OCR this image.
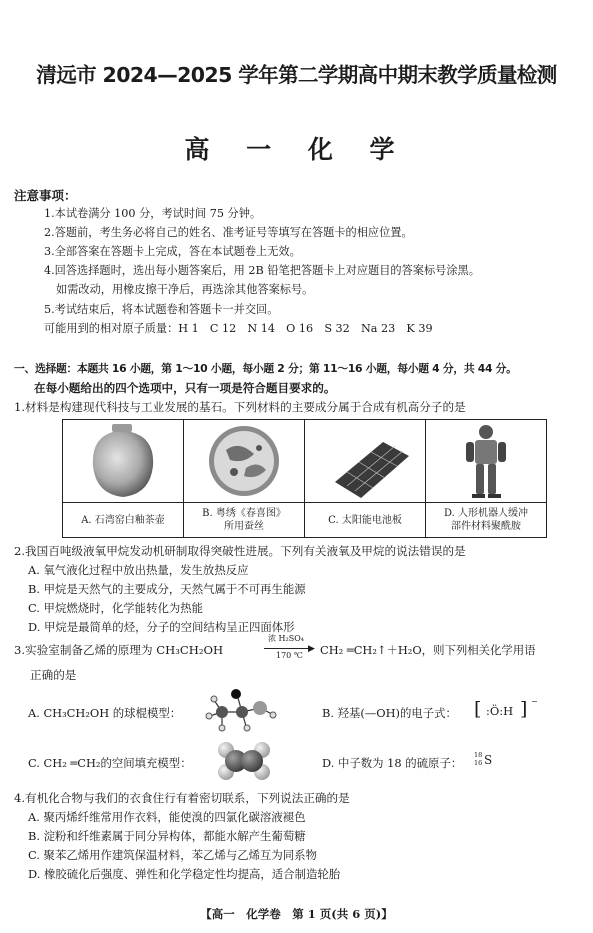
清远市 2024—2025 学年第二学期高中期末教学质量检测
高 一 化 学
注意事项：
1.本试卷满分 100 分，考试时间 75 分钟。
2.答题前，考生务必将自己的姓名、准考证号等填写在答题卡的相应位置。
3.全部答案在答题卡上完成，答在本试题卷上无效。
4.回答选择题时，选出每小题答案后，用 2B 铅笔把答题卡上对应题目的答案标号涂黑。
如需改动，用橡皮擦干净后，再选涂其他答案标号。
5.考试结束后，将本试题卷和答题卡一并交回。
可能用到的相对原子质量：H 1　C 12　N 14　O 16　S 32　Na 23　K 39
一、选择题：本题共 16 小题，第 1～10 小题，每小题 2 分；第 11～16 小题，每小题 4 分，共 44 分。
在每小题给出的四个选项中，只有一项是符合题目要求的。
1.材料是构建现代科技与工业发展的基石。下列材料的主要成分属于合成有机高分子的是
A. 石湾窑白釉茶壶

B. 粤绣《春喜图》
所用蚕丝

C. 太阳能电池板

D. 人形机器人缓冲
部件材料聚酰胺
2.我国百吨级液氧甲烷发动机研制取得突破性进展。下列有关液氧及甲烷的说法错误的是
A. 氧气液化过程中放出热量，发生放热反应
B. 甲烷是天然气的主要成分，天然气属于不可再生能源
C. 甲烷燃烧时，化学能转化为热能
D. 甲烷是最简单的烃，分子的空间结构呈正四面体形
3.实验室制备乙烯的原理为 CH₃CH₂OH
浓 H₂SO₄
▶
170 ℃ CH₂ ═CH₂↑＋H₂O，则下列相关化学用语
正确的是
A. CH₃CH₂OH 的球棍模型：	B. 羟基(—OH)的电子式： [ :Ö:H ] −
C. CH₂ ═CH₂的空间填充模型：	D. 中子数为 18 的硫原子：
18
16 S
4.有机化合物与我们的衣食住行有着密切联系，下列说法正确的是
A. 聚丙烯纤维常用作衣料，能使溴的四氯化碳溶液褪色
B. 淀粉和纤维素属于同分异构体，都能水解产生葡萄糖
C. 聚苯乙烯用作建筑保温材料，苯乙烯与乙烯互为同系物
D. 橡胶硫化后强度、弹性和化学稳定性均提高，适合制造轮胎
【高一　化学卷　第 1 页(共 6 页)】
